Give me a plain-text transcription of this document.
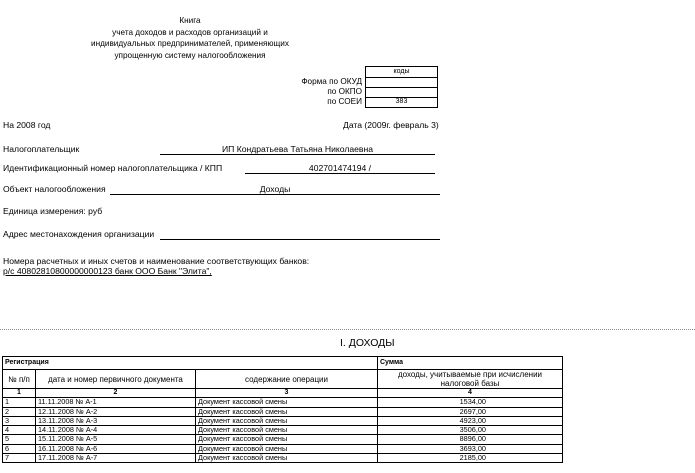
Книга
учета доходов и расходов организаций и
индивидуальных предпринимателей, применяющих
упрощенную систему налогообложения
коды
383
Форма по ОКУД
по ОКПО
по СОЕИ
На 2008 год	Дата (2009г. февраль 3)
Налогоплательщик	ИП Кондратьева Татьяна Николаевна
Идентификационный номер налогоплательщика / КПП	402701474194 /
Объект налогообложения	Доходы
Единица измерения: руб
Адрес местонахождения организации
Номера расчетных и иных счетов и наименование соответствующих банков:
р/с 40802810800000000123 банк ООО Банк "Элита",
I. ДОХОДЫ
Регистрация			Сумма
№ п/п	дата и номер первичного документа	содержание операции	доходы, учитываемые при исчислении налоговой базы
1	2	3	4
1	11.11.2008 № А-1	Документ кассовой смены	1534,00
2	12.11.2008 № А-2	Документ кассовой смены	2697,00
3	13.11.2008 № А-3	Документ кассовой смены	4923,00
4	14.11.2008 № А-4	Документ кассовой смены	3506,00
5	15.11.2008 № А-5	Документ кассовой смены	8896,00
6	16.11.2008 № А-6	Документ кассовой смены	3693,00
7	17.11.2008 № А-7	Документ кассовой смены	2185,00
